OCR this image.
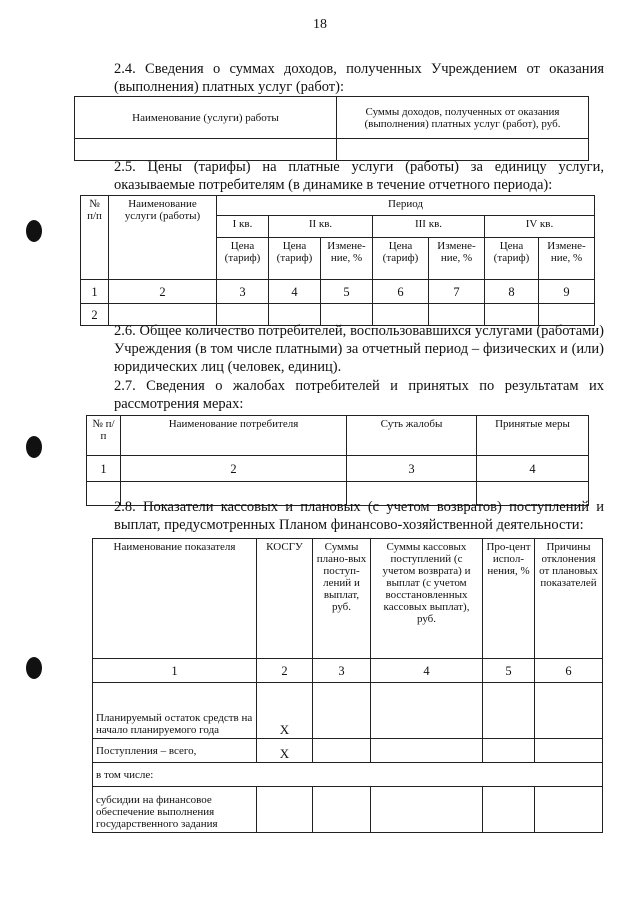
18
2.4. Сведения о суммах доходов, полученных Учреждением от оказания (выполнения) платных услуг (работ):
Наименование (услуги) работы	Суммы доходов, полученных от оказания (выполнения) платных услуг (работ), руб.

2.5. Цены (тарифы) на платные услуги (работы) за единицу услуги, оказываемые потребителям (в динамике в течение отчетного периода):
№ п/п	Наименование услуги (работы)	Период						
		I кв.	II кв.		III кв.		IV кв.	
		Цена (тариф)	Цена (тариф)	Измене-ние, %	Цена (тариф)	Измене-ние, %	Цена (тариф)	Измене-ние, %
1	2	3	4	5	6	7	8	9
2								
2.6. Общее количество потребителей, воспользовавшихся услугами (работами) Учреждения (в том числе платными) за отчетный период – физических и (или) юридических лиц (человек, единиц).
2.7. Сведения о жалобах потребителей и принятых по результатам их рассмотрения мерах:
№ п/п	Наименование потребителя	Суть жалобы	Принятые меры
1	2	3	4

2.8. Показатели кассовых и плановых (с учетом возвратов) поступлений и выплат, предусмотренных Планом финансово-хозяйственной деятельности:
Наименование показателя	КОСГУ	Суммы плано-вых поступ-лений и выплат, руб.	Суммы кассовых поступлений (с учетом возврата) и выплат (с учетом восстановленных кассовых выплат), руб.	Про-цент испол-нения, %	Причины отклонения от плановых показателей
1	2	3	4	5	6
Планируемый остаток средств на начало планируемого года	Х				
Поступления – всего,	Х				
в том числе:					
субсидии на финансовое обеспечение выполнения государственного задания					
